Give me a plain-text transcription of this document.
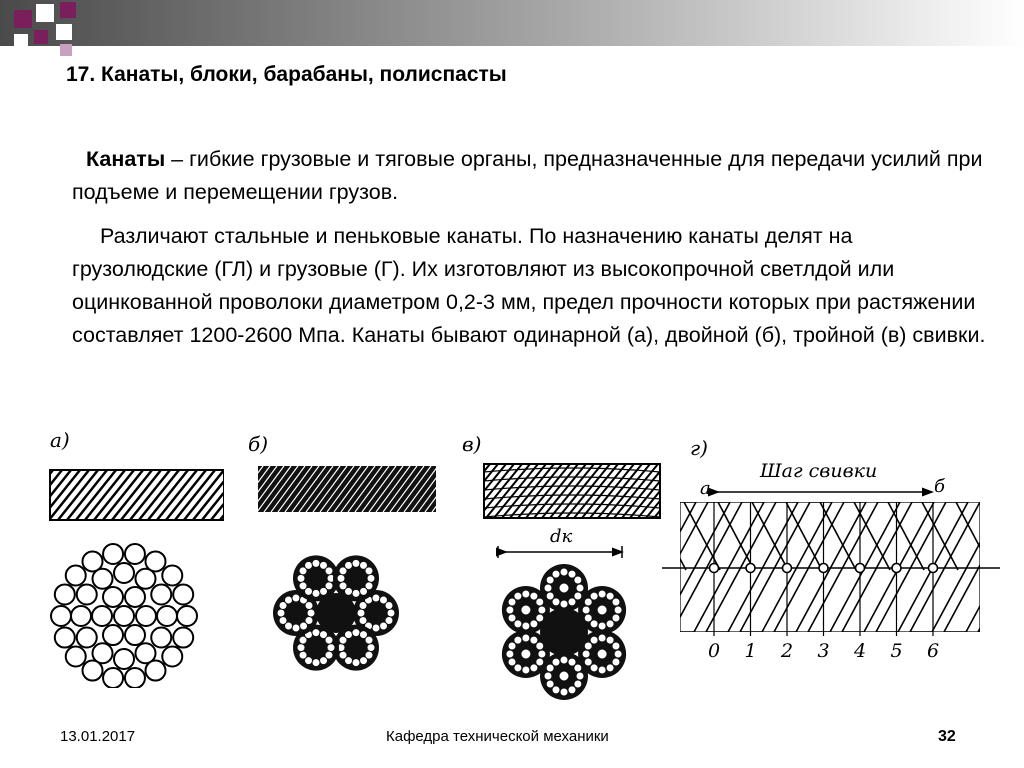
17. Канаты, блоки, барабаны, полиспасты

Канаты – гибкие грузовые и тяговые органы, предназначенные для передачи усилий при подъеме и перемещении грузов.

Различают стальные и пеньковые канаты. По назначению канаты делят на грузолюдские (ГЛ) и грузовые (Г). Их изготовляют из высокопрочной светлдой или оцинкованной проволоки диаметром 0,2-3 мм, предел прочности которых при растяжении составляет 1200-2600 Мпа. Канаты бывают одинарной (а), двойной (б), тройной (в) свивки.

а)	б)	в)
dк
г)
Шаг свивки
а	б
0 1 2 3 4 5 6
13.01.2017	Кафедра технической механики	32
